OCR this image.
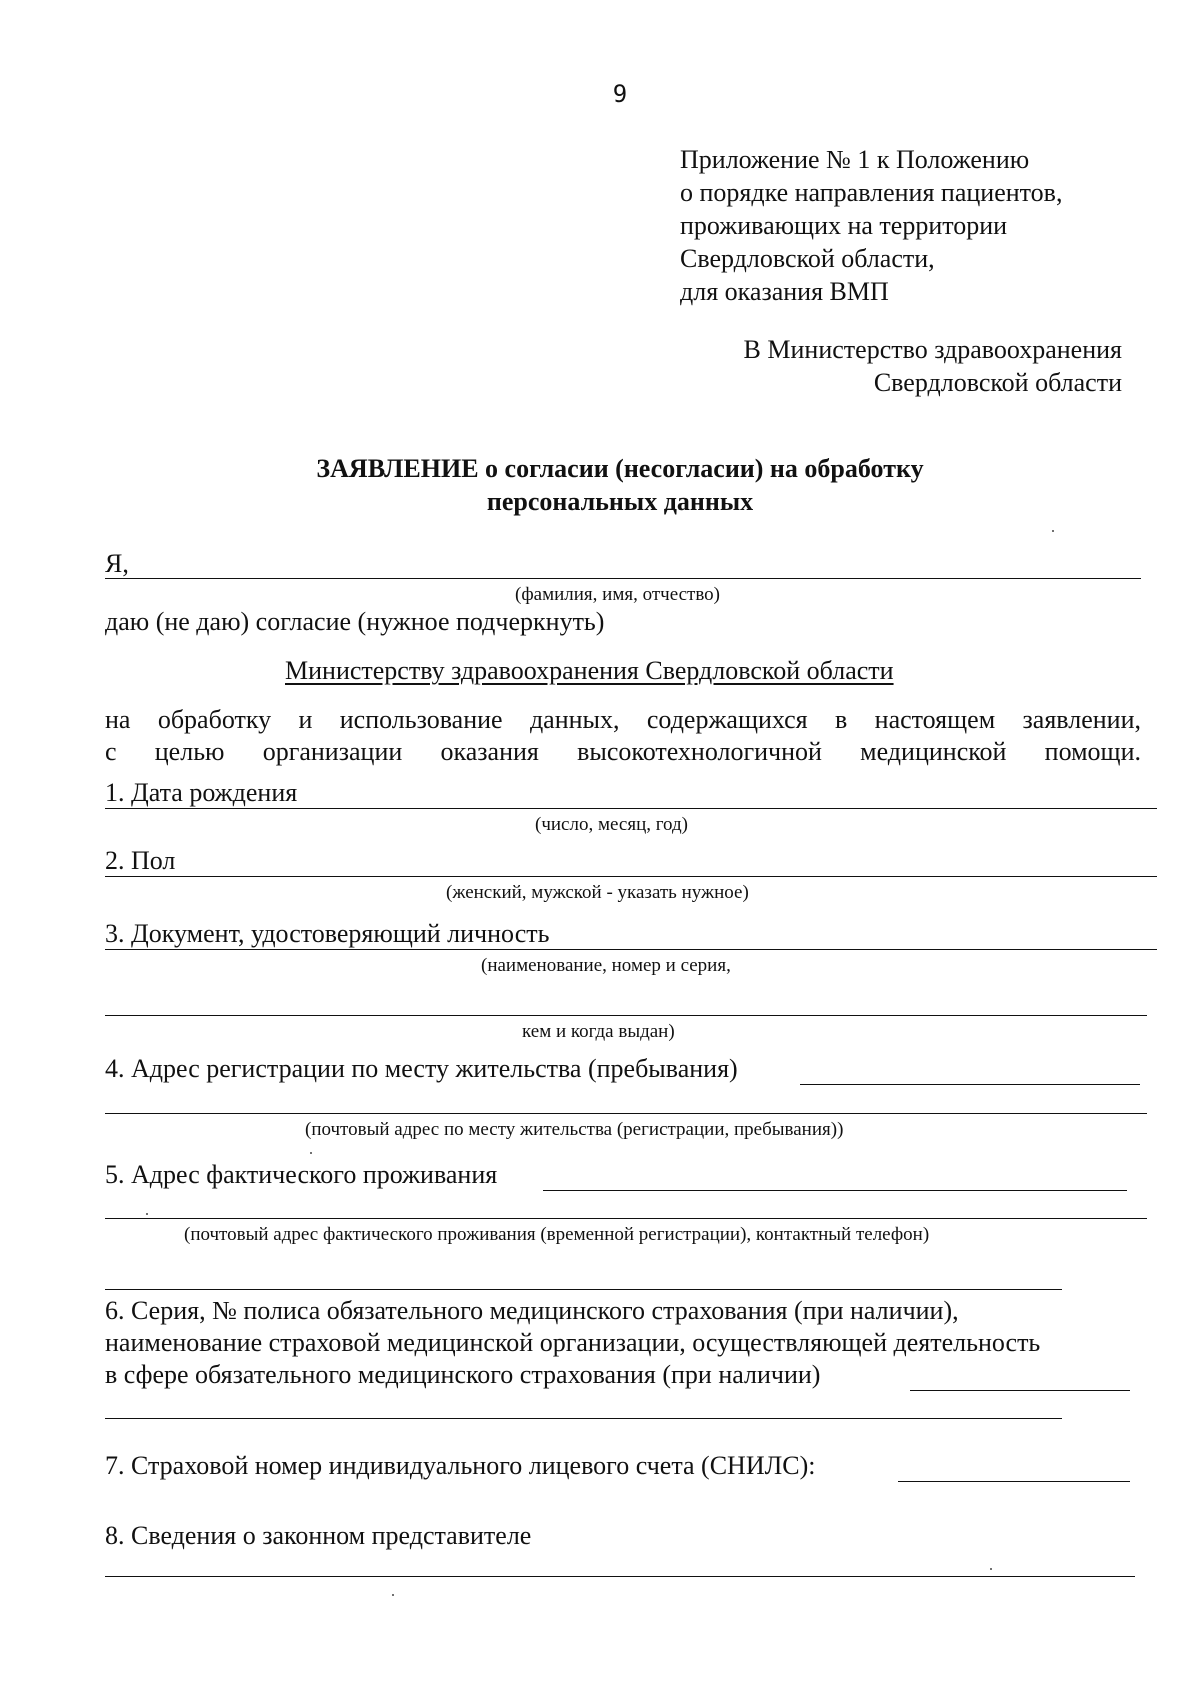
9
Приложение № 1 к Положению
о порядке направления пациентов,
проживающих на территории
Свердловской области,
для оказания ВМП
В Министерство здравоохранения
Свердловской области
ЗАЯВЛЕНИЕ о согласии (несогласии) на обработку
персональных данных
Я,
(фамилия, имя, отчество)
даю (не даю) согласие (нужное подчеркнуть)
Министерству здравоохранения Свердловской области
на обработку и использование данных, содержащихся в настоящем заявлении,
с целью организации оказания высокотехнологичной медицинской помощи.
1. Дата рождения
(число, месяц, год)
2. Пол
(женский, мужской - указать нужное)
3. Документ, удостоверяющий личность
(наименование, номер и серия,
кем и когда выдан)
4. Адрес регистрации по месту жительства (пребывания)
(почтовый адрес по месту жительства (регистрации, пребывания))
5. Адрес фактического проживания
(почтовый адрес фактического проживания (временной регистрации), контактный телефон)
6. Серия, № полиса обязательного медицинского страхования (при наличии),
наименование страховой медицинской организации, осуществляющей деятельность
в сфере обязательного медицинского страхования (при наличии)
7. Страховой номер индивидуального лицевого счета (СНИЛС):
8. Сведения о законном представителе
